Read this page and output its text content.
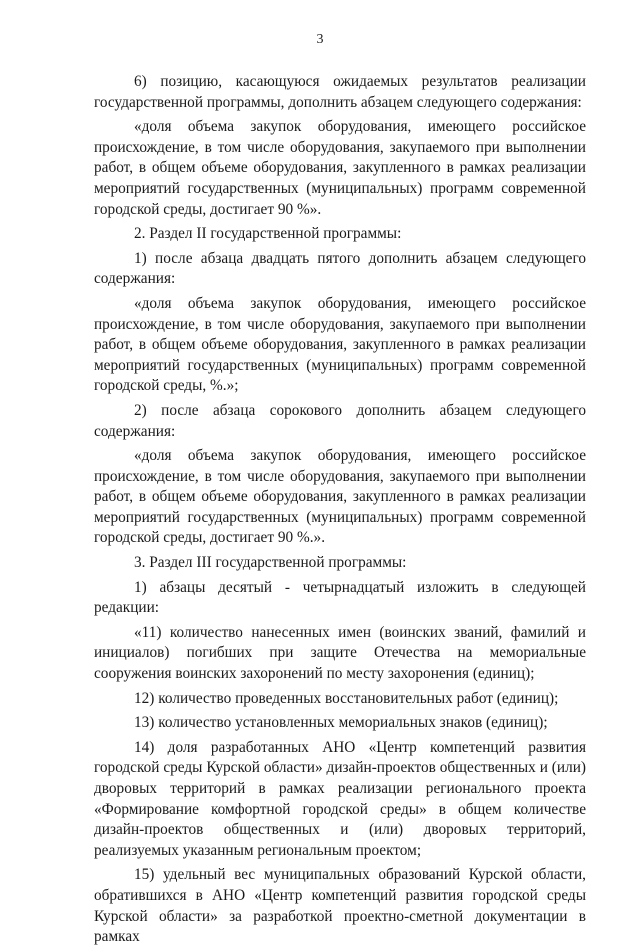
3

6) позицию, касающуюся ожидаемых результатов реализации государственной программы, дополнить абзацем следующего содержания:

«доля объема закупок оборудования, имеющего российское происхождение, в том числе оборудования, закупаемого при выполнении работ, в общем объеме оборудования, закупленного в рамках реализации мероприятий государственных (муниципальных) программ современной городской среды, достигает 90 %».

2. Раздел II государственной программы:

1) после абзаца двадцать пятого дополнить абзацем следующего содержания:

«доля объема закупок оборудования, имеющего российское происхождение, в том числе оборудования, закупаемого при выполнении работ, в общем объеме оборудования, закупленного в рамках реализации мероприятий государственных (муниципальных) программ современной городской среды, %.»;

2) после абзаца сорокового дополнить абзацем следующего содержания:

«доля объема закупок оборудования, имеющего российское происхождение, в том числе оборудования, закупаемого при выполнении работ, в общем объеме оборудования, закупленного в рамках реализации мероприятий государственных (муниципальных) программ современной городской среды, достигает 90 %.».

3. Раздел III государственной программы:

1) абзацы десятый - четырнадцатый изложить в следующей редакции:

«11) количество нанесенных имен (воинских званий, фамилий и инициалов) погибших при защите Отечества на мемориальные сооружения воинских захоронений по месту захоронения (единиц);

12) количество проведенных восстановительных работ (единиц);

13) количество установленных мемориальных знаков (единиц);

14) доля разработанных АНО «Центр компетенций развития городской среды Курской области» дизайн-проектов общественных и (или) дворовых территорий в рамках реализации регионального проекта «Формирование комфортной городской среды» в общем количестве дизайн-проектов общественных и (или) дворовых территорий, реализуемых указанным региональным проектом;

15) удельный вес муниципальных образований Курской области, обратившихся в АНО «Центр компетенций развития городской среды Курской области» за разработкой проектно-сметной документации в рамках
